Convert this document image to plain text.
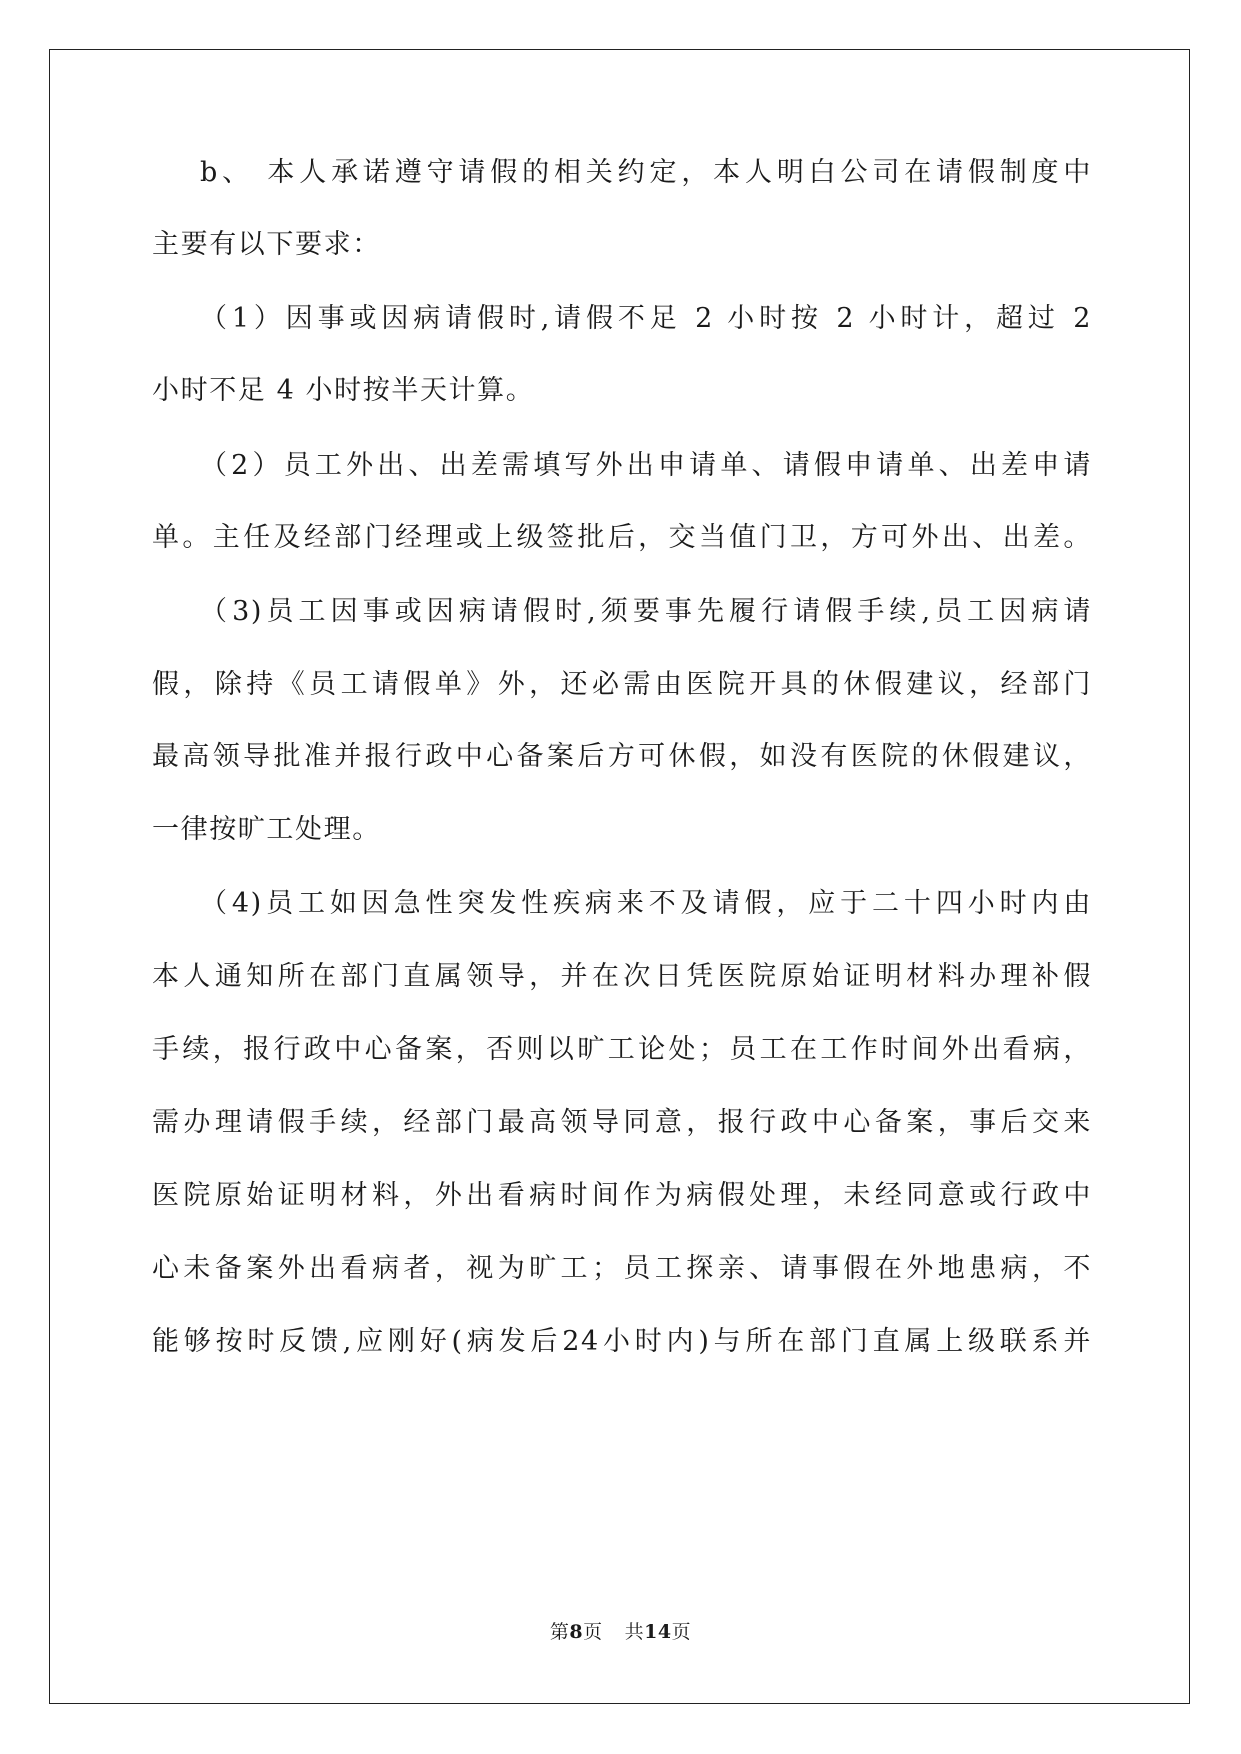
b、 本人承诺遵守请假的相关约定，本人明白公司在请假制度中
主要有以下要求：
（1）因事或因病请假时,请假不足 2 小时按 2 小时计，超过 2
小时不足 4 小时按半天计算。
（2）员工外出、出差需填写外出申请单、请假申请单、出差申请
单。主任及经部门经理或上级签批后，交当值门卫，方可外出、出差。
（3)员工因事或因病请假时,须要事先履行请假手续,员工因病请
假，除持《员工请假单》外，还必需由医院开具的休假建议，经部门
最高领导批准并报行政中心备案后方可休假，如没有医院的休假建议，
一律按旷工处理。
（4)员工如因急性突发性疾病来不及请假，应于二十四小时内由
本人通知所在部门直属领导，并在次日凭医院原始证明材料办理补假
手续，报行政中心备案，否则以旷工论处；员工在工作时间外出看病，
需办理请假手续，经部门最高领导同意，报行政中心备案，事后交来
医院原始证明材料，外出看病时间作为病假处理，未经同意或行政中
心未备案外出看病者，视为旷工；员工探亲、请事假在外地患病，不
能够按时反馈,应刚好(病发后24小时内)与所在部门直属上级联系并
第8页 共14页
